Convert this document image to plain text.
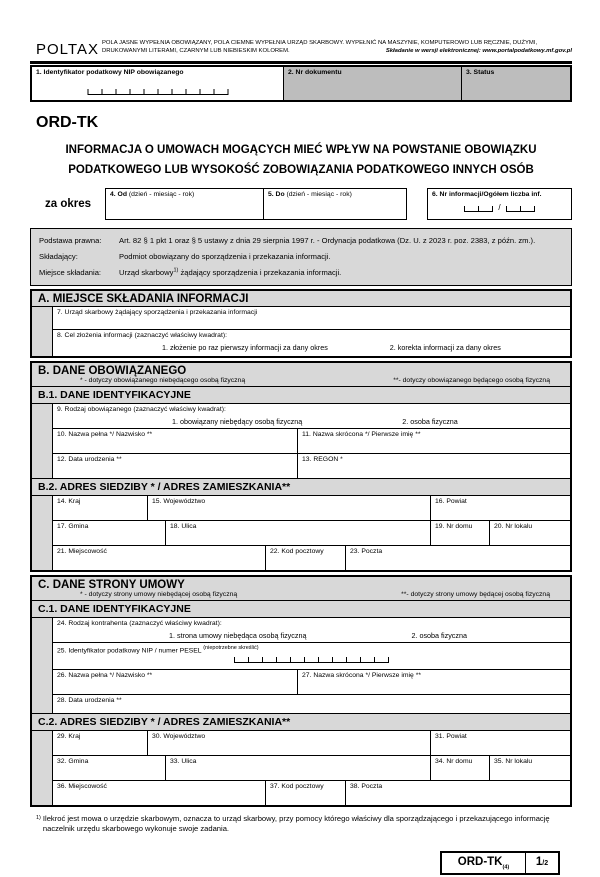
POLTAX POLA JASNE WYPEŁNIA OBOWIĄZANY, POLA CIEMNE WYPEŁNIA URZĄD SKARBOWY. WYPEŁNIĆ NA MASZYNIE, KOMPUTEROWO LUB RĘCZNIE, DUŻYMI,
DRUKOWANYMI LITERAMI, CZARNYM LUB NIEBIESKIM KOLOREM.	Składanie w wersji elektronicznej: www.portalpodatkowy.mf.gov.pl
1. Identyfikator podatkowy NIP obowiązanego	2. Nr dokumentu	3. Status
ORD-TK
INFORMACJA O UMOWACH MOGĄCYCH MIEĆ WPŁYW NA POWSTANIE OBOWIĄZKU
PODATKOWEGO LUB WYSOKOŚĆ ZOBOWIĄZANIA PODATKOWEGO INNYCH OSÓB
za okres
4. Od (dzień - miesiąc - rok)	5. Do (dzień - miesiąc - rok)	6. Nr informacji/Ogółem liczba inf.
/
Podstawa prawna:	Art. 82 § 1 pkt 1 oraz § 5 ustawy z dnia 29 sierpnia 1997 r. - Ordynacja podatkowa (Dz. U. z 2023 r. poz. 2383, z późn. zm.).
Składający:	Podmiot obowiązany do sporządzenia i przekazania informacji.
Miejsce składania:	Urząd skarbowy$^{1)}$ żądający sporządzenia i przekazania informacji.
A. MIEJSCE SKŁADANIA INFORMACJI
7. Urząd skarbowy żądający sporządzenia i przekazania informacji
8. Cel złożenia informacji (zaznaczyć właściwy kwadrat):
1. złożenie po raz pierwszy informacji za dany okres	2. korekta informacji za dany okres
B. DANE OBOWIĄZANEGO
* - dotyczy obowiązanego niebędącego osobą fizyczną	**- dotyczy obowiązanego będącego osobą fizyczną
B.1. DANE IDENTYFIKACYJNE
9. Rodzaj obowiązanego (zaznaczyć właściwy kwadrat):
1. obowiązany niebędący osobą fizyczną	2. osoba fizyczna
10. Nazwa pełna */ Nazwisko **	11. Nazwa skrócona */ Pierwsze imię **
12. Data urodzenia **	13. REGON *
B.2. ADRES SIEDZIBY * / ADRES ZAMIESZKANIA**
14. Kraj	15. Województwo	16. Powiat
17. Gmina	18. Ulica	19. Nr domu	20. Nr lokalu
21. Miejscowość	22. Kod pocztowy	23. Poczta
C. DANE STRONY UMOWY
* - dotyczy strony umowy niebędącej osobą fizyczną	**- dotyczy strony umowy będącej osobą fizyczną
C.1. DANE IDENTYFIKACYJNE
24. Rodzaj kontrahenta (zaznaczyć właściwy kwadrat):
1. strona umowy niebędąca osobą fizyczną	2. osoba fizyczna
25. Identyfikator podatkowy NIP / numer PESEL $^{(niepotrzebne skreślić)}$
26. Nazwa pełna */ Nazwisko **	27. Nazwa skrócona */ Pierwsze imię **
28. Data urodzenia **
C.2. ADRES SIEDZIBY * / ADRES ZAMIESZKANIA**
29. Kraj	30. Województwo	31. Powiat
32. Gmina	33. Ulica	34. Nr domu	35. Nr lokalu
36. Miejscowość	37. Kod pocztowy	38. Poczta
1) Ilekroć jest mowa o urzędzie skarbowym, oznacza to urząd skarbowy, przy pomocy którego właściwy dla sporządzającego i przekazującego informację naczelnik urzędu skarbowego wykonuje swoje zadania.
ORD-$TK_{(4)}$	1/2
